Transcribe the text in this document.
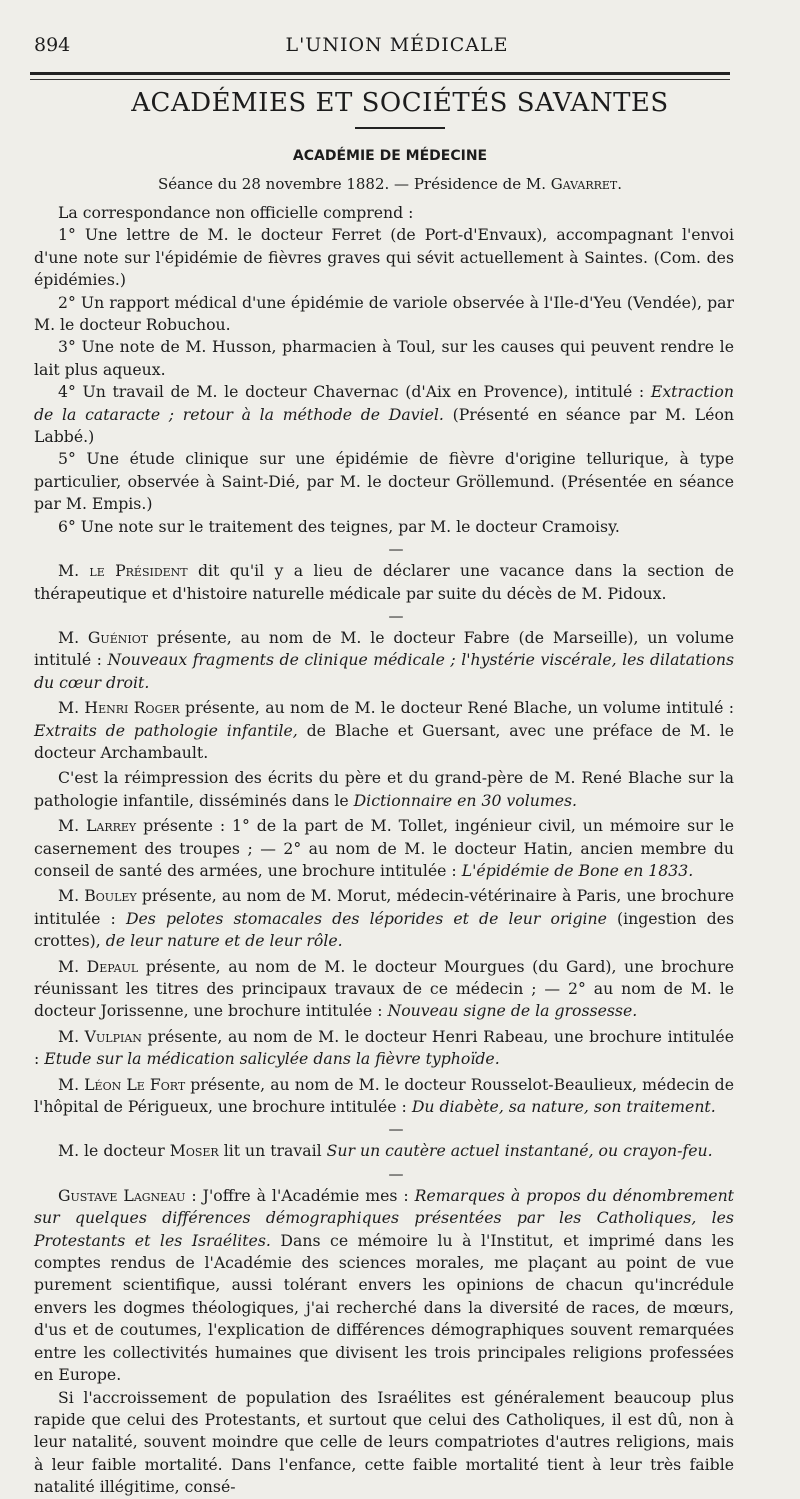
894	L'UNION MÉDICALE
ACADÉMIES ET SOCIÉTÉS SAVANTES
ACADÉMIE DE MÉDECINE
Séance du 28 novembre 1882. — Présidence de M. Gavarret.

La correspondance non officielle comprend :

1° Une lettre de M. le docteur Ferret (de Port-d'Envaux), accompagnant l'envoi d'une note sur l'épidémie de fièvres graves qui sévit actuellement à Saintes. (Com. des épidémies.)

2° Un rapport médical d'une épidémie de variole observée à l'Ile-d'Yeu (Vendée), par M. le docteur Robuchou.

3° Une note de M. Husson, pharmacien à Toul, sur les causes qui peuvent rendre le lait plus aqueux.

4° Un travail de M. le docteur Chavernac (d'Aix en Provence), intitulé : Extraction de la cataracte ; retour à la méthode de Daviel. (Présenté en séance par M. Léon Labbé.)

5° Une étude clinique sur une épidémie de fièvre d'origine tellurique, à type particulier, observée à Saint-Dié, par M. le docteur Gröllemund. (Présentée en séance par M. Empis.)

6° Une note sur le traitement des teignes, par M. le docteur Cramoisy.

—

M. le Président dit qu'il y a lieu de déclarer une vacance dans la section de thérapeutique et d'histoire naturelle médicale par suite du décès de M. Pidoux.

—

M. Guéniot présente, au nom de M. le docteur Fabre (de Marseille), un volume intitulé : Nouveaux fragments de clinique médicale ; l'hystérie viscérale, les dilatations du cœur droit.

M. Henri Roger présente, au nom de M. le docteur René Blache, un volume intitulé : Extraits de pathologie infantile, de Blache et Guersant, avec une préface de M. le docteur Archambault.

C'est la réimpression des écrits du père et du grand-père de M. René Blache sur la pathologie infantile, disséminés dans le Dictionnaire en 30 volumes.

M. Larrey présente : 1° de la part de M. Tollet, ingénieur civil, un mémoire sur le casernement des troupes ; — 2° au nom de M. le docteur Hatin, ancien membre du conseil de santé des armées, une brochure intitulée : L'épidémie de Bone en 1833.

M. Bouley présente, au nom de M. Morut, médecin-vétérinaire à Paris, une brochure intitulée : Des pelotes stomacales des léporides et de leur origine (ingestion des crottes), de leur nature et de leur rôle.

M. Depaul présente, au nom de M. le docteur Mourgues (du Gard), une brochure réunissant les titres des principaux travaux de ce médecin ; — 2° au nom de M. le docteur Jorissenne, une brochure intitulée : Nouveau signe de la grossesse.

M. Vulpian présente, au nom de M. le docteur Henri Rabeau, une brochure intitulée : Etude sur la médication salicylée dans la fièvre typhoïde.

M. Léon Le Fort présente, au nom de M. le docteur Rousselot-Beaulieux, médecin de l'hôpital de Périgueux, une brochure intitulée : Du diabète, sa nature, son traitement.

—

M. le docteur Moser lit un travail Sur un cautère actuel instantané, ou crayon-feu.

—

Gustave Lagneau : J'offre à l'Académie mes : Remarques à propos du dénombrement sur quelques différences démographiques présentées par les Catholiques, les Protestants et les Israélites. Dans ce mémoire lu à l'Institut, et imprimé dans les comptes rendus de l'Académie des sciences morales, me plaçant au point de vue purement scientifique, aussi tolérant envers les opinions de chacun qu'incrédule envers les dogmes théologiques, j'ai recherché dans la diversité de races, de mœurs, d'us et de coutumes, l'explication de différences démographiques souvent remarquées entre les collectivités humaines que divisent les trois principales religions professées en Europe.

Si l'accroissement de population des Israélites est généralement beaucoup plus rapide que celui des Protestants, et surtout que celui des Catholiques, il est dû, non à leur natalité, souvent moindre que celle de leurs compatriotes d'autres religions, mais à leur faible mortalité. Dans l'enfance, cette faible mortalité tient à leur très faible natalité illégitime, consé-
